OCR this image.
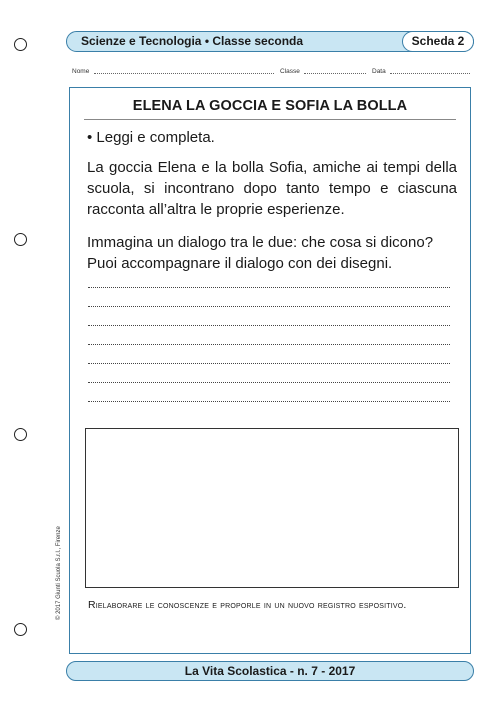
Scienze e Tecnologia • Classe seconda	Scheda 2
Nome	Classe	Data
ELENA LA GOCCIA E SOFIA LA BOLLA
• Leggi e completa.
La goccia Elena e la bolla Sofia, amiche ai tempi della scuola, si incontrano dopo tanto tempo e ciascuna racconta all’altra le proprie esperienze.
Immagina un dialogo tra le due: che cosa si dicono?
Puoi accompagnare il dialogo con dei disegni.
Rielaborare le conoscenze e proporle in un nuovo registro espositivo.
© 2017 Giunti Scuola S.r.l., Firenze
La Vita Scolastica - n. 7 - 2017
